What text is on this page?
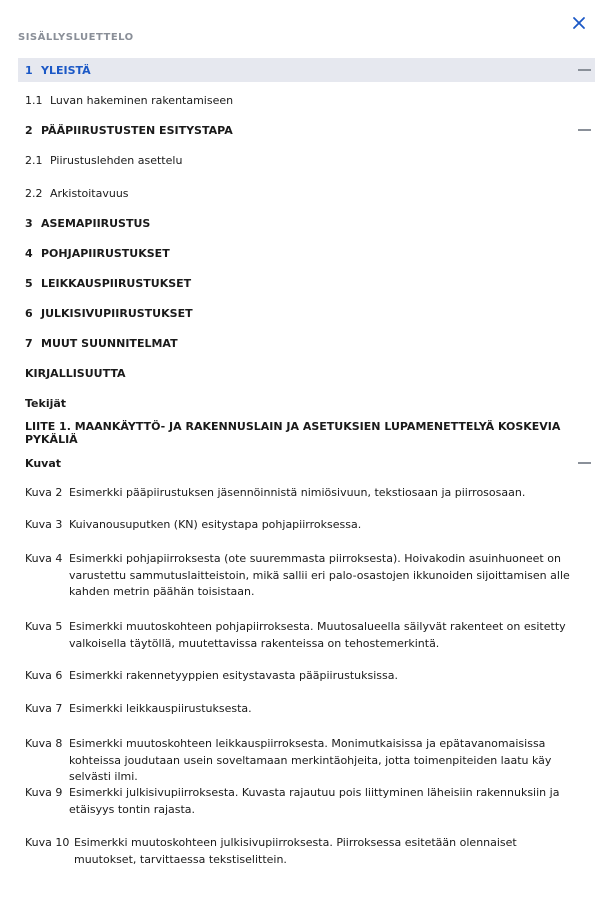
SISÄLLYSLUETTELO
1 YLEISTÄ
1.1 Luvan hakeminen rakentamiseen
2 PÄÄPIIRUSTUSTEN ESITYSTAPA
2.1 Piirustuslehden asettelu
2.2 Arkistoitavuus
3 ASEMAPIIRUSTUS
4 POHJAPIIRUSTUKSET
5 LEIKKAUSPIIRUSTUKSET
6 JULKISIVUPIIRUSTUKSET
7 MUUT SUUNNITELMAT
KIRJALLISUUTTA
Tekijät
LIITE 1. MAANKÄYTTÖ- JA RAKENNUSLAIN JA ASETUKSIEN LUPAMENETTELYÄ KOSKEVIA PYKÄLIÄ
Kuvat
Kuva 2 Esimerkki pääpiirustuksen jäsennöinnistä nimiösivuun, tekstiosaan ja piirrososaan.
Kuva 3 Kuivanousuputken (KN) esitystapa pohjapiirroksessa.
Kuva 4 Esimerkki pohjapiirroksesta (ote suuremmasta piirroksesta). Hoivakodin asuinhuoneet on varustettu sammutuslaitteistoin, mikä sallii eri palo-osastojen ikkunoiden sijoittamisen alle kahden metrin päähän toisistaan.
Kuva 5 Esimerkki muutoskohteen pohjapiirroksesta. Muutosalueella säilyvät rakenteet on esitetty valkoisella täytöllä, muutettavissa rakenteissa on tehostemerkintä.
Kuva 6 Esimerkki rakennetyyppien esitystavasta pääpiirustuksissa.
Kuva 7 Esimerkki leikkauspiirustuksesta.
Kuva 8 Esimerkki muutoskohteen leikkauspiirroksesta. Monimutkaisissa ja epätavanomaisissa kohteissa joudutaan usein soveltamaan merkintäohjeita, jotta toimenpiteiden laatu käy selvästi ilmi.
Kuva 9 Esimerkki julkisivupiirroksesta. Kuvasta rajautuu pois liittyminen läheisiin rakennuksiin ja etäisyys tontin rajasta.
Kuva 10 Esimerkki muutoskohteen julkisivupiirroksesta. Piirroksessa esitetään olennaiset muutokset, tarvittaessa tekstiselittein.
